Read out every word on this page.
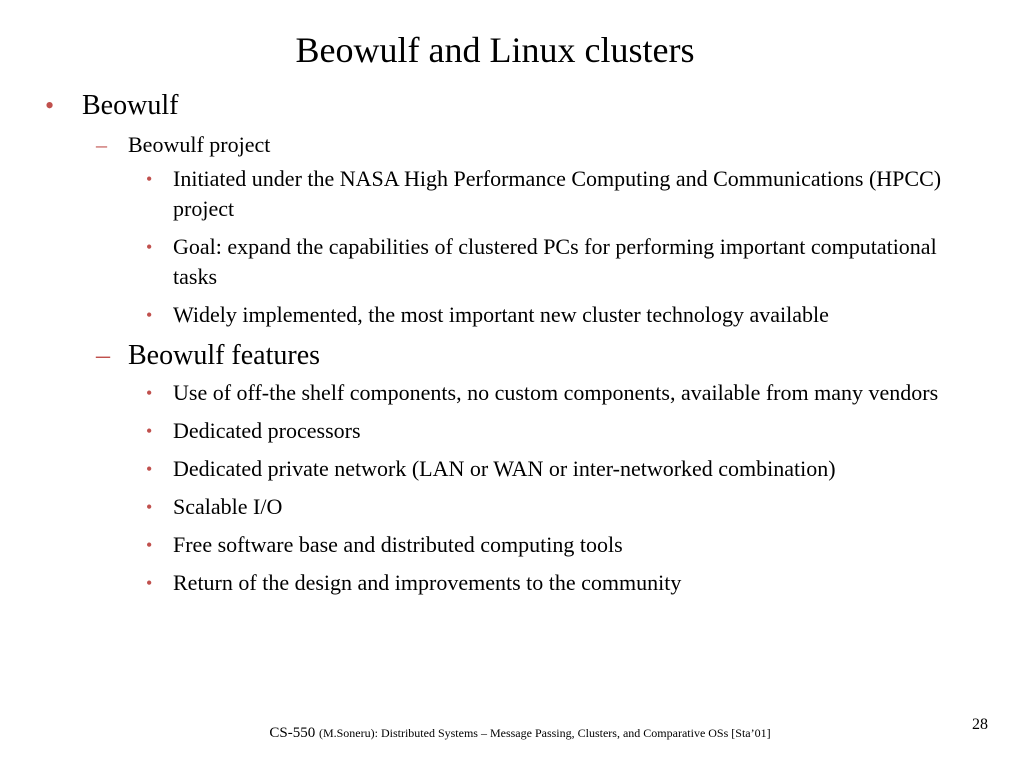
Beowulf and Linux clusters
• Beowulf
– Beowulf project
• Initiated under the NASA High Performance Computing and Communications (HPCC) project
• Goal: expand the capabilities of clustered PCs for performing important computational tasks
• Widely implemented, the most important new cluster technology available
– Beowulf features
• Use of off-the shelf components, no custom components, available from many vendors
• Dedicated processors
• Dedicated private network (LAN or WAN or inter-networked combination)
• Scalable I/O
• Free software base and distributed computing tools
• Return of the design and improvements to the community
CS-550 (M.Soneru): Distributed Systems – Message Passing, Clusters, and Comparative OSs [Sta’01]	28
